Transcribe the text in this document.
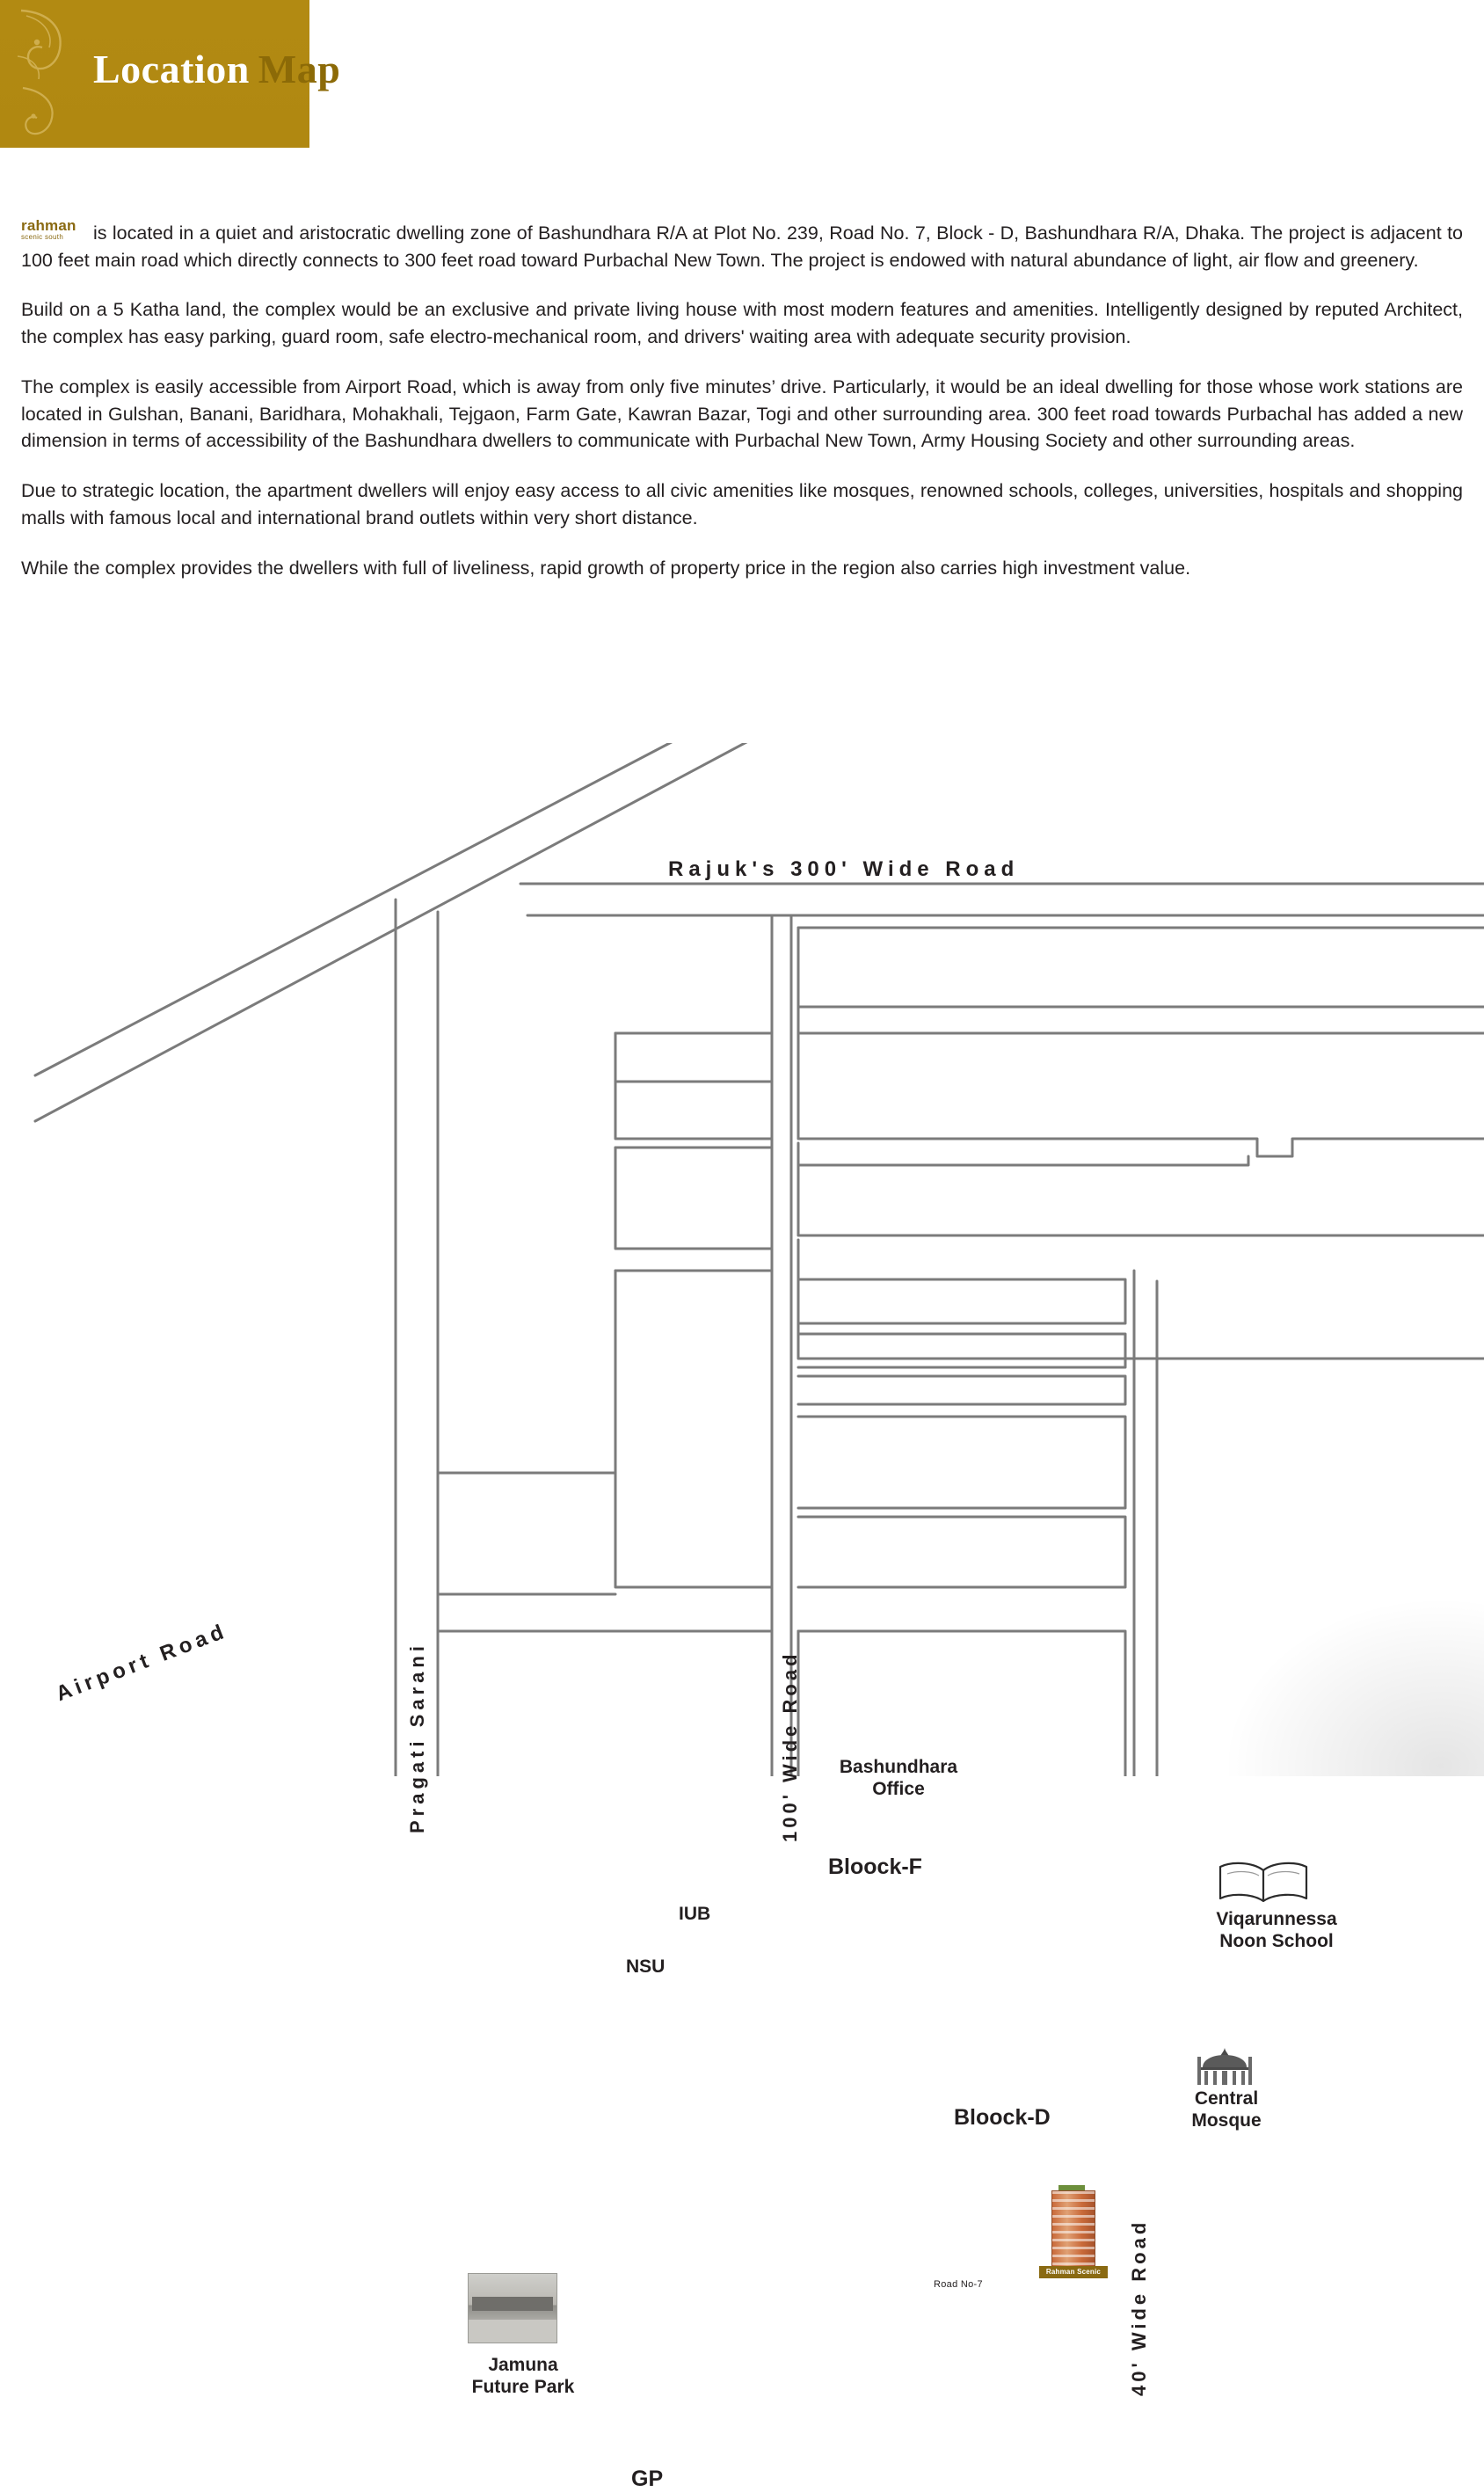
Location Map

rahman
scenic south is located in a quiet and aristocratic dwelling zone of Bashundhara R/A at Plot No. 239, Road No. 7, Block - D, Bashundhara R/A, Dhaka. The project is adjacent to 100 feet main road which directly connects to 300 feet road toward Purbachal New Town. The project is endowed with natural abundance of light, air flow and greenery.

Build on a 5 Katha land, the complex would be an exclusive and private living house with most modern features and amenities. Intelligently designed by reputed Architect, the complex has easy parking, guard room, safe electro-mechanical room, and drivers' waiting area with adequate security provision.

The complex is easily accessible from Airport Road, which is away from only five minutes’ drive. Particularly, it would be an ideal dwelling for those whose work stations are located in Gulshan, Banani, Baridhara, Mohakhali, Tejgaon, Farm Gate, Kawran Bazar, Togi and other surrounding area. 300 feet road towards Purbachal has added a new dimension in terms of accessibility of the Bashundhara dwellers to communicate with Purbachal New Town, Army Housing Society and other surrounding areas.

Due to strategic location, the apartment dwellers will enjoy easy access to all civic amenities like mosques, renowned schools, colleges, universities, hospitals and shopping malls with famous local and international brand outlets within very short distance.

While the complex provides the dwellers with full of liveliness, rapid growth of property price in the region also carries high investment value.

Rajuk's 300' Wide Road
Airport Road	Pragati Sarani	100' Wide Road
40' Wide Road
Road No-7
Bashundhara
Office
Bloock-F
Bloock-D
IUB
NSU
GP
Viqarunnessa
Noon School
Central
Mosque
Jamuna
Future Park
Rahman Scenic South
